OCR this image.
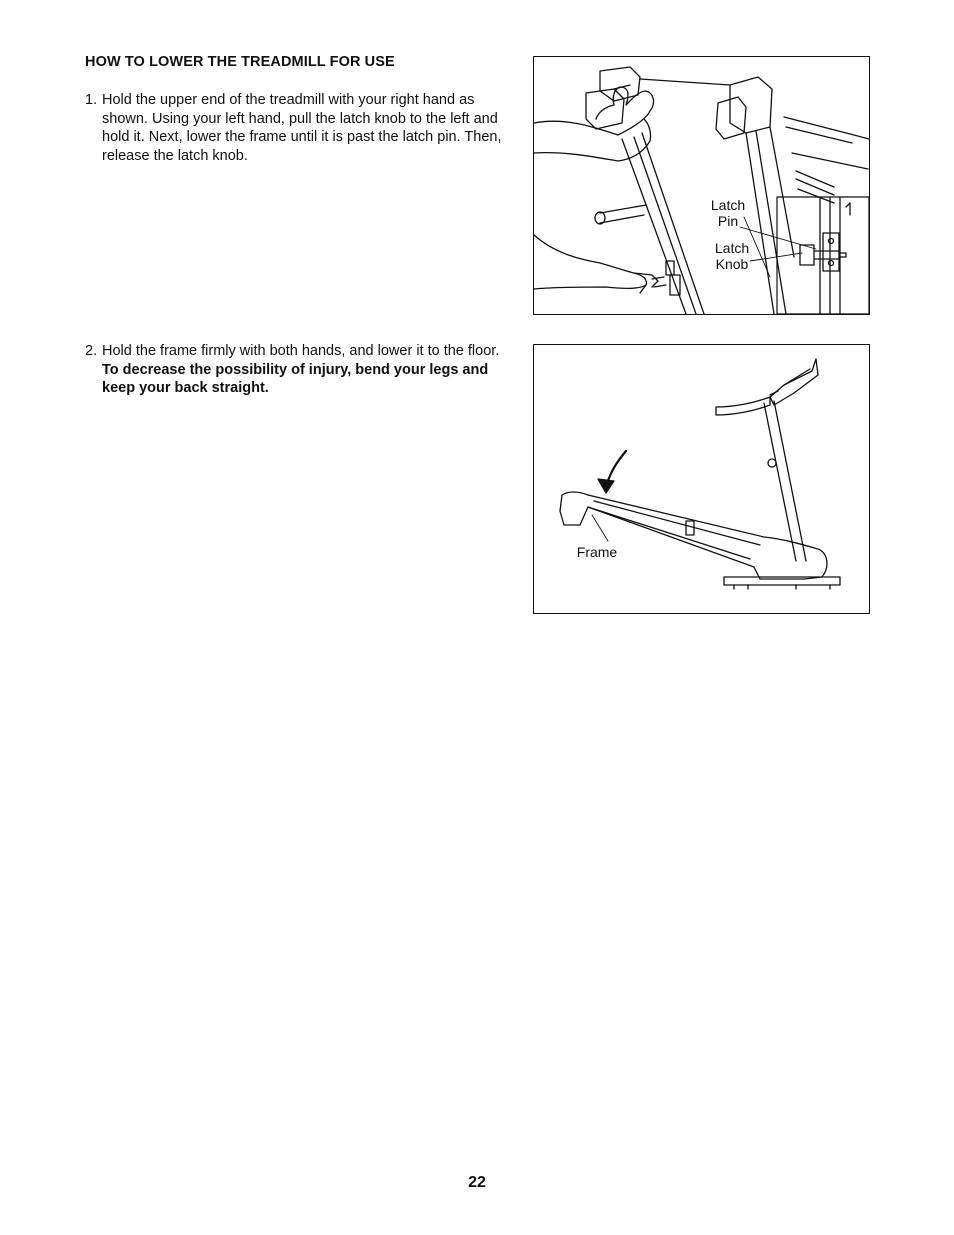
HOW TO LOWER THE TREADMILL FOR USE
1. Hold the upper end of the treadmill with your right hand as shown. Using your left hand, pull the latch knob to the left and hold it. Next, lower the frame until it is past the latch pin. Then, release the latch knob.
2. Hold the frame firmly with both hands, and lower it to the floor. To decrease the possibility of injury, bend your legs and keep your back straight.
Latch
Pin
Latch
Knob
Frame
22
